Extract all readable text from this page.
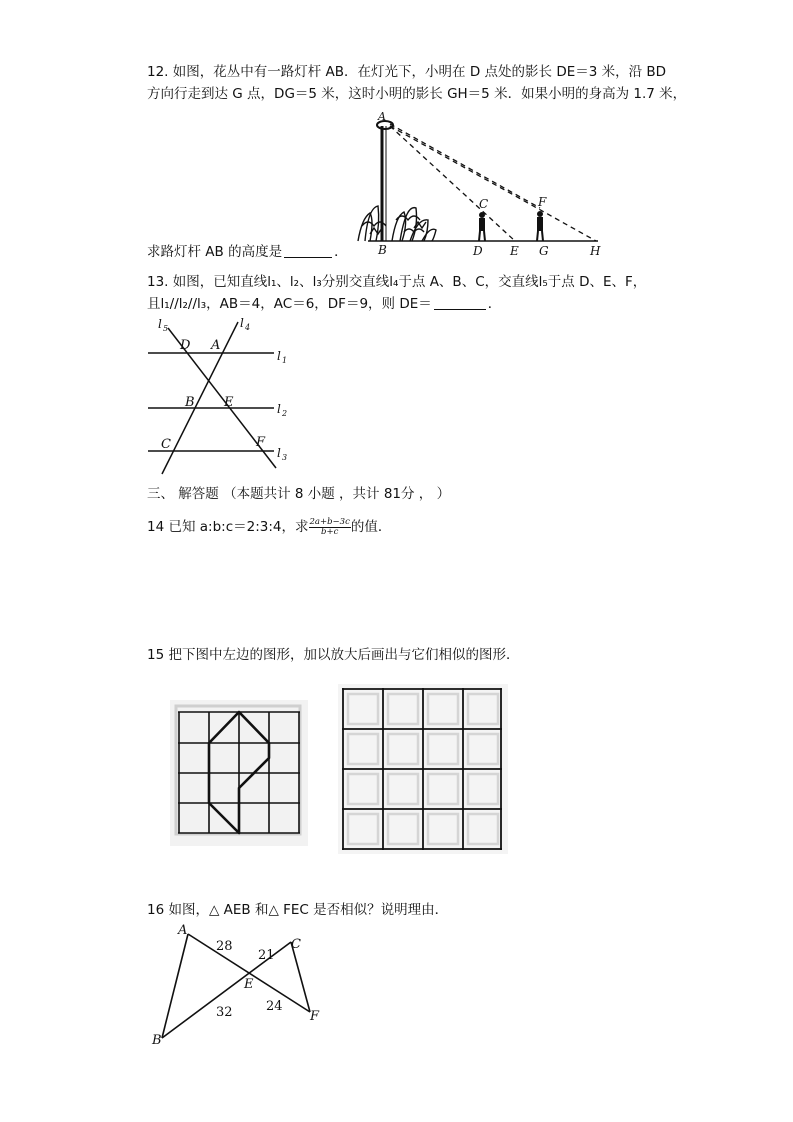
12. 如图，花丛中有一路灯杆 AB．在灯光下，小明在 D 点处的影长 DE＝3 米，沿 BD
方向行走到达 G 点，DG＝5 米，这时小明的影长 GH＝5 米．如果小明的身高为 1.7 米，
A
B
C
D E
F
G	H
求路灯杆 AB 的高度是	．
13. 如图，已知直线l₁、l₂、l₃分别交直线l₄于点 A、B、C，交直线l₅于点 D、E、F，
且l₁//l₂//l₃，AB＝4，AC＝6，DF＝9，则 DE＝	．
l 5	l 4
l 1
l 2
l 3
D A
B E
C	F
三、 解答题 （本题共计 8 小题 ，共计 81分 ， ）
14 已知 a:b:c＝2:3:4，求 $\frac{2a+b-3c}{b+c}$ 的值．
15 把下图中左边的图形，加以放大后画出与它们相似的图形．
16 如图，△ AEB 和△ FEC 是否相似？说明理由．
A
B
C
E
F
28
21
32	24
